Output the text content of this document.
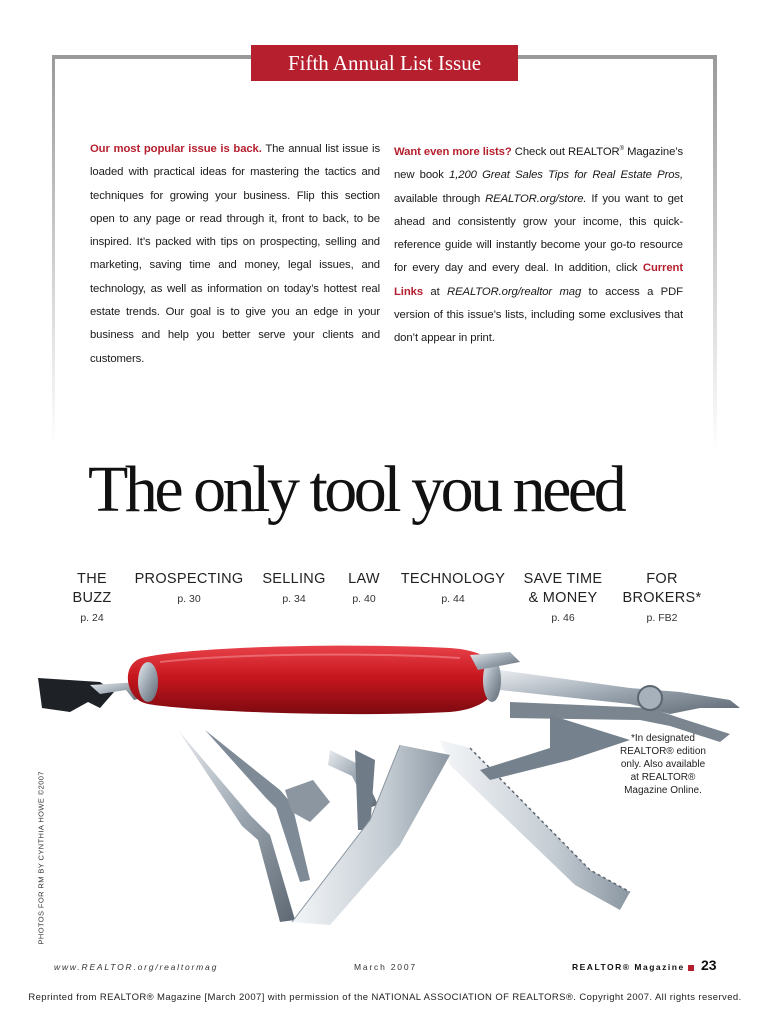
Fifth Annual List Issue
Our most popular issue is back. The annual list issue is loaded with practical ideas for mastering the tactics and techniques for growing your business. Flip this section open to any page or read through it, front to back, to be inspired. It’s packed with tips on prospecting, selling and marketing, saving time and money, legal issues, and technology, as well as information on today’s hottest real estate trends. Our goal is to give you an edge in your business and help you better serve your clients and customers.
Want even more lists? Check out REALTOR® Magazine’s new book 1,200 Great Sales Tips for Real Estate Pros, available through REALTOR.org/store. If you want to get ahead and consistently grow your income, this quick-reference guide will instantly become your go-to resource for every day and every deal. In addition, click Current Links at REALTOR.org/realtor mag to access a PDF version of this issue’s lists, including some exclusives that don’t appear in print.
The only tool you need
THE
BUZZ
p. 24
PROSPECTING
p. 30
SELLING
p. 34
LAW
p. 40
TECHNOLOGY
p. 44
SAVE TIME
& MONEY
p. 46
FOR
BROKERS*
p. FB2
*In designated
REALTOR® edition
only. Also available
at REALTOR®
Magazine Online.
PHOTOS FOR RM BY CYNTHIA HOWE ©2007
www.REALTOR.org/realtormag	March 2007	REALTOR® Magazine 23
Reprinted from REALTOR® Magazine [March 2007] with permission of the NATIONAL ASSOCIATION OF REALTORS®. Copyright 2007. All rights reserved.
